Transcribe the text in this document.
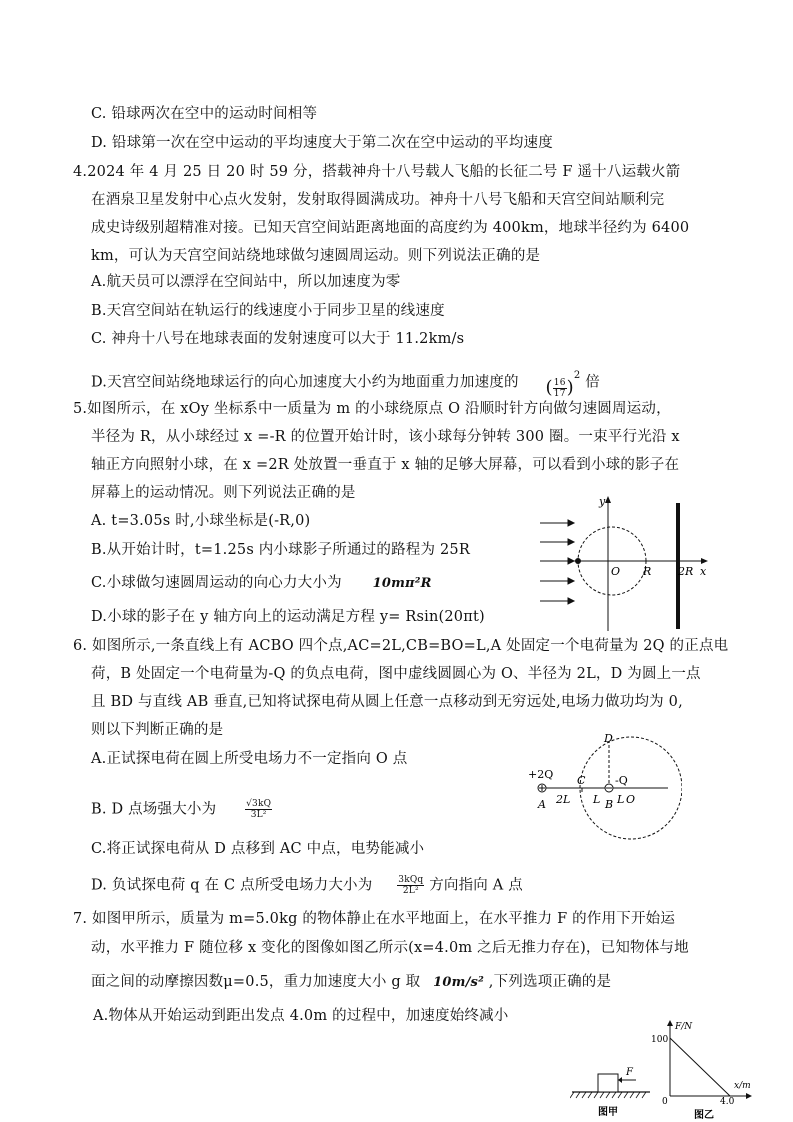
C. 铅球两次在空中的运动时间相等
D. 铅球第一次在空中运动的平均速度大于第二次在空中运动的平均速度
4.2024 年 4 月 25 日 20 时 59 分，搭载神舟十八号载人飞船的长征二号 F 遥十八运载火箭
在酒泉卫星发射中心点火发射，发射取得圆满成功。神舟十八号飞船和天宫空间站顺利完
成史诗级别超精准对接。已知天宫空间站距离地面的高度约为 400km，地球半径约为 6400
km，可认为天宫空间站绕地球做匀速圆周运动。则下列说法正确的是
A.航天员可以漂浮在空间站中，所以加速度为零
B.天宫空间站在轨运行的线速度小于同步卫星的线速度
C. 神舟十八号在地球表面的发射速度可以大于 11.2km/s
D.天宫空间站绕地球运行的向心加速度大小约为地面重力加速度的 ( $\frac{16}{17} )^2$ 倍
5.如图所示，在 xOy 坐标系中一质量为 m 的小球绕原点 O 沿顺时针方向做匀速圆周运动，
半径为 R，从小球经过 x =-R 的位置开始计时，该小球每分钟转 300 圈。一束平行光沿 x
轴正方向照射小球，在 x =2R 处放置一垂直于 x 轴的足够大屏幕，可以看到小球的影子在
屏幕上的运动情况。则下列说法正确的是
A. t=3.05s 时,小球坐标是(-R,0)
B.从开始计时，t=1.25s 内小球影子所通过的路程为 25R
C.小球做匀速圆周运动的向心力大小为 10mπ²R
D.小球的影子在 y 轴方向上的运动满足方程 y= Rsin(20πt)
y
O R 2R x
6. 如图所示,一条直线上有 ACBO 四个点,AC=2L,CB=BO=L,A 处固定一个电荷量为 2Q 的正点电
荷，B 处固定一个电荷量为-Q 的负点电荷，图中虚线圆圆心为 O、半径为 2L，D 为圆上一点
且 BD 与直线 AB 垂直,已知将试探电荷从圆上任意一点移动到无穷远处,电场力做功均为 0,
则以下判断正确的是
A.正试探电荷在圆上所受电场力不一定指向 O 点
B. D 点场强大小为	$\frac{√3kQ}{\text{3L²}}$
C.将正试探电荷从 D 点移到 AC 中点，电势能减小
D. 负试探电荷 q 在 C 点所受电场力大小为	$\frac{\text{3kQq}}{\text{2L²}}$ 方向指向 A 点
+2Q
A
C
B
D
O
-Q
2L L L
7. 如图甲所示，质量为 m=5.0kg 的物体静止在水平地面上，在水平推力 F 的作用下开始运
动，水平推力 F 随位移 x 变化的图像如图乙所示(x=4.0m 之后无推力存在)，已知物体与地
面之间的动摩擦因数μ=0.5，重力加速度大小 g 取 10m/s² ,下列选项正确的是
A.物体从开始运动到距出发点 4.0m 的过程中，加速度始终减小
F
图甲
F/N
100
x/m
0	4.0
图乙
